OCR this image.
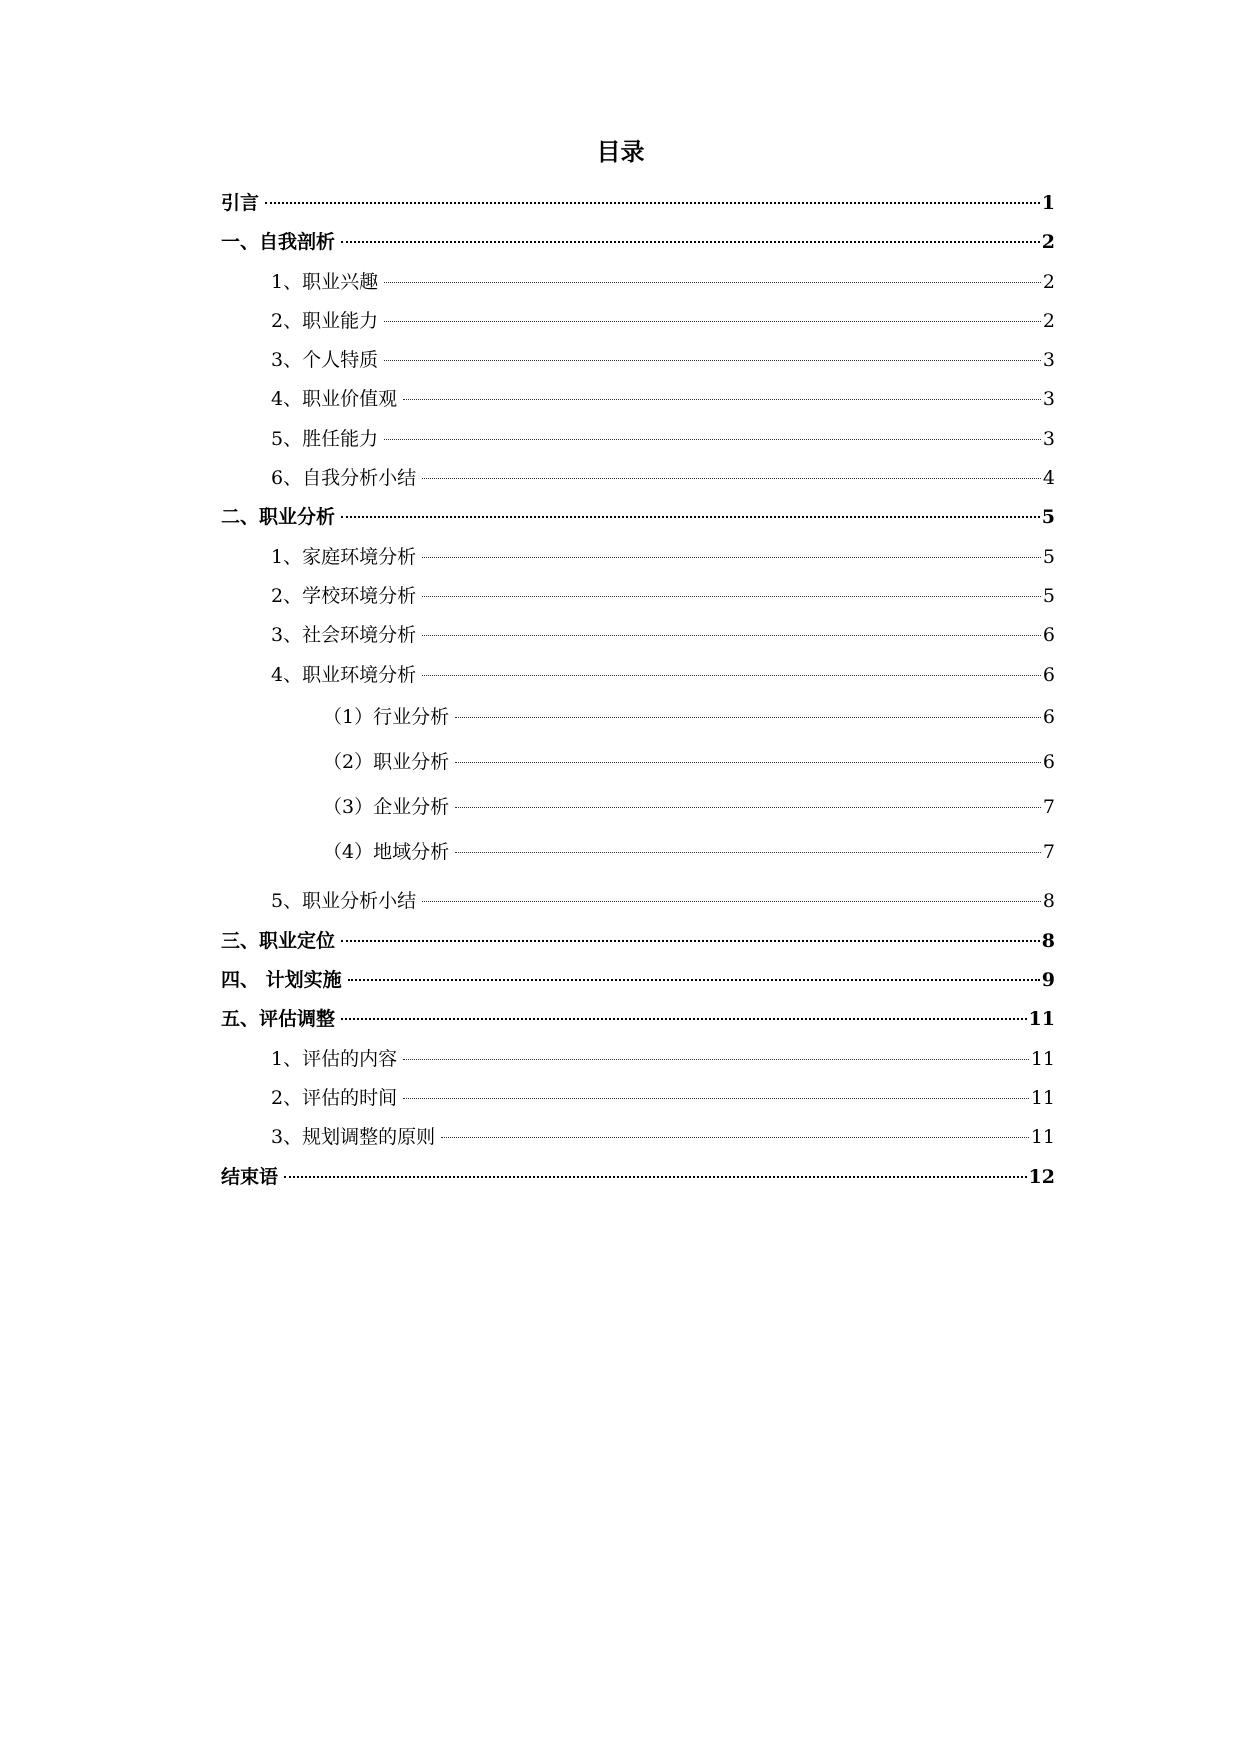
目录
引言	1
一、自我剖析	2
1、职业兴趣	2
2、职业能力	2
3、个人特质	3
4、职业价值观	3
5、胜任能力	3
6、自我分析小结	4
二、职业分析	5
1、家庭环境分析	5
2、学校环境分析	5
3、社会环境分析	6
4、职业环境分析	6
（1）行业分析	6
（2）职业分析	6
（3）企业分析	7
（4）地域分析	7
5、职业分析小结	8
三、职业定位	8
四、 计划实施	9
五、评估调整	11
1、评估的内容	11
2、评估的时间	11
3、规划调整的原则	11
结束语	12
